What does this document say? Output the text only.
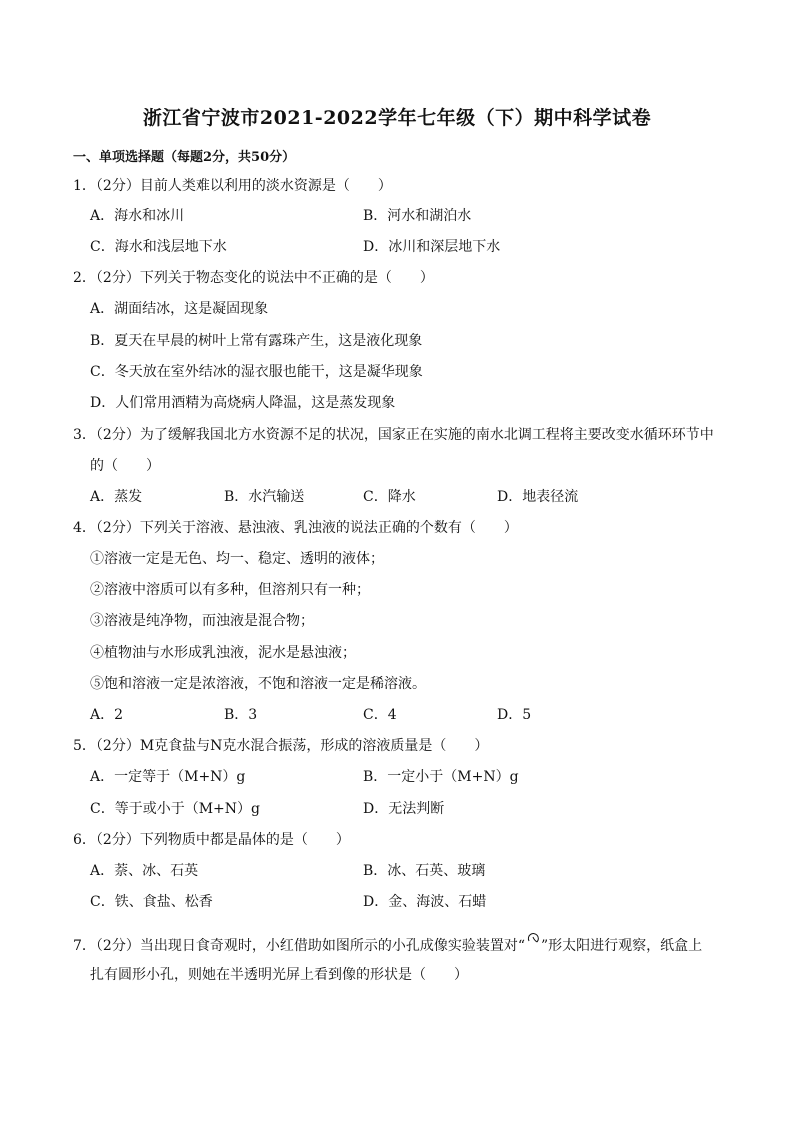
浙江省宁波市2021-2022学年七年级（下）期中科学试卷
一、单项选择题（每题2分，共50分）
1．（2分）目前人类难以利用的淡水资源是（　　）
A．海水和冰川	B．河水和湖泊水
C．海水和浅层地下水	D．冰川和深层地下水
2．（2分）下列关于物态变化的说法中不正确的是（　　）
A．湖面结冰，这是凝固现象
B．夏天在早晨的树叶上常有露珠产生，这是液化现象
C．冬天放在室外结冰的湿衣服也能干，这是凝华现象
D．人们常用酒精为高烧病人降温，这是蒸发现象
3．（2分）为了缓解我国北方水资源不足的状况，国家正在实施的南水北调工程将主要改变水循环环节中
的（　　）
A．蒸发	B．水汽输送	C．降水	D．地表径流
4．（2分）下列关于溶液、悬浊液、乳浊液的说法正确的个数有（　　）
①溶液一定是无色、均一、稳定、透明的液体；
②溶液中溶质可以有多种，但溶剂只有一种；
③溶液是纯净物，而浊液是混合物；
④植物油与水形成乳浊液，泥水是悬浊液；
⑤饱和溶液一定是浓溶液，不饱和溶液一定是稀溶液。
A．2	B．3	C．4	D．5
5．（2分）M克食盐与N克水混合振荡，形成的溶液质量是（　　）
A．一定等于（M+N）g	B．一定小于（M+N）g
C．等于或小于（M+N）g	D．无法判断
6．（2分）下列物质中都是晶体的是（　　）
A．萘、冰、石英	B．冰、石英、玻璃
C．铁、食盐、松香	D．金、海波、石蜡
7．（2分）当出现日食奇观时，小红借助如图所示的小孔成像实验装置对“ ”形太阳进行观察，纸盒上
扎有圆形小孔，则她在半透明光屏上看到像的形状是（　　）
